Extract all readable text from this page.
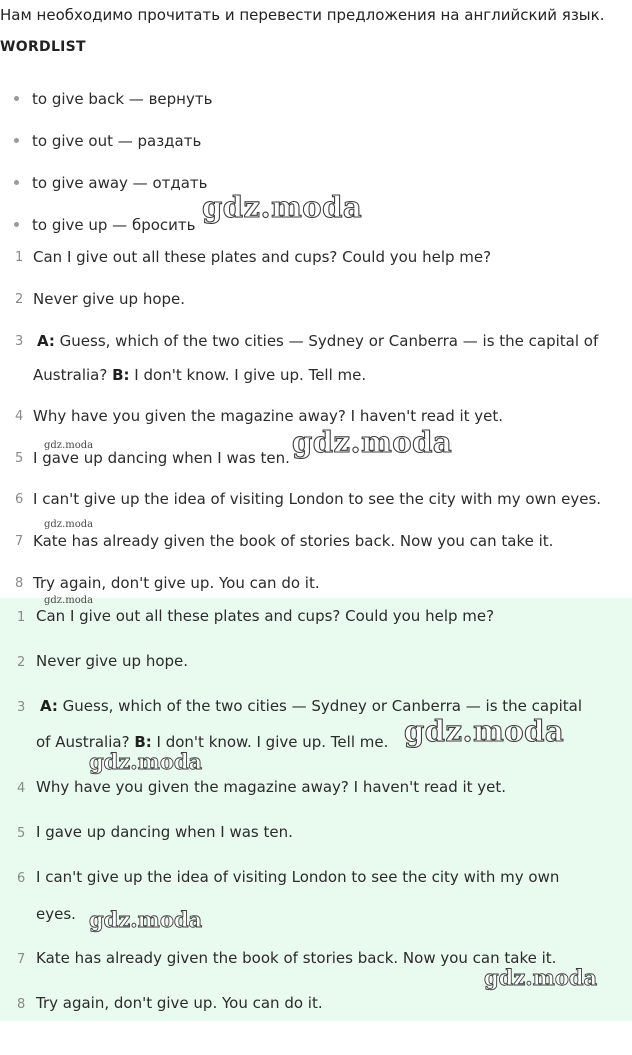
Нам необходимо прочитать и перевести предложения на английский язык.
WORDLIST
to give back — вернуть
to give out — раздать
to give away — отдать
to give up — бросить
1 Can I give out all these plates and cups? Could you help me?
2 Never give up hope.
3 A: Guess, which of the two cities — Sydney or Canberra — is the capital of
Australia? B: I don't know. I give up. Tell me.
4 Why have you given the magazine away? I haven't read it yet.
5 I gave up dancing when I was ten.
6 I can't give up the idea of visiting London to see the city with my own eyes.
7 Kate has already given the book of stories back. Now you can take it.
8 Try again, don't give up. You can do it.
1 Can I give out all these plates and cups? Could you help me?
2 Never give up hope.
3 A: Guess, which of the two cities — Sydney or Canberra — is the capital
of Australia? B: I don't know. I give up. Tell me.
4 Why have you given the magazine away? I haven't read it yet.
5 I gave up dancing when I was ten.
6 I can't give up the idea of visiting London to see the city with my own
eyes.
7 Kate has already given the book of stories back. Now you can take it.
8 Try again, don't give up. You can do it.
gdz.moda
gdz.moda
gdz.moda
gdz.moda
gdz.moda
gdz.moda
gdz.moda
gdz.moda
gdz.moda
